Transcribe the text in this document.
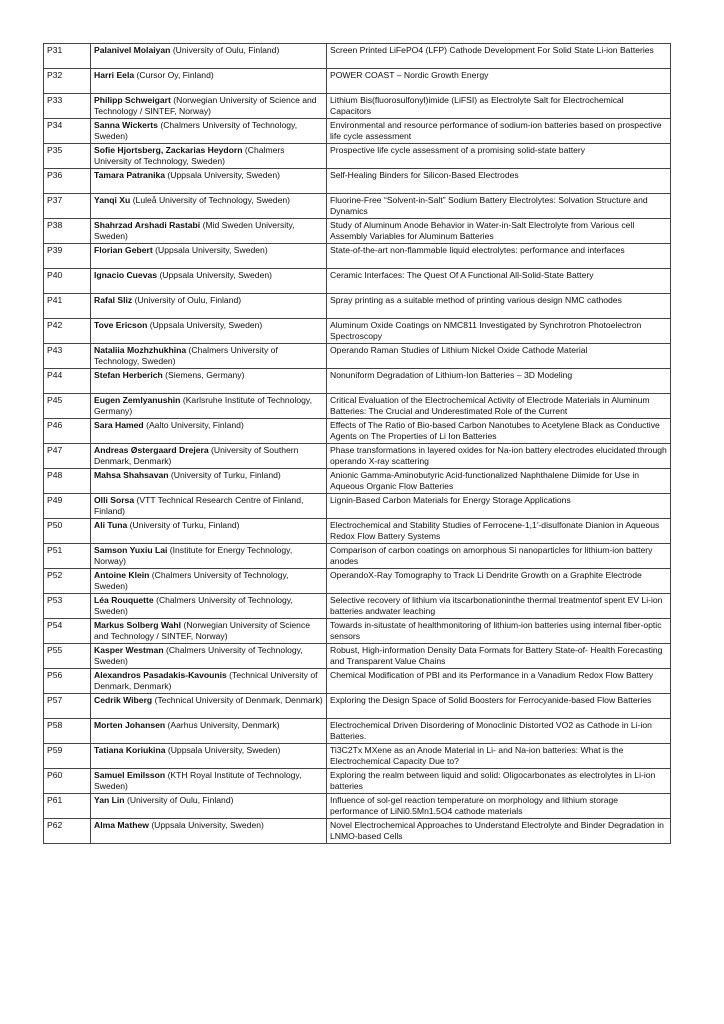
P31	Palanivel Molaiyan (University of Oulu, Finland)	Screen Printed LiFePO4 (LFP) Cathode Development For Solid State Li-ion Batteries
P32	Harri Eela (Cursor Oy, Finland)	POWER COAST – Nordic Growth Energy
P33	Philipp Schweigart (Norwegian University of Science and Technology / SINTEF, Norway)	Lithium Bis(fluorosulfonyl)imide (LiFSI) as Electrolyte Salt for Electrochemical Capacitors
P34	Sanna Wickerts (Chalmers University of Technology, Sweden)	Environmental and resource performance of sodium-ion batteries based on prospective life cycle assessment
P35	Sofie Hjortsberg, Zackarias Heydorn (Chalmers University of Technology, Sweden)	Prospective life cycle assessment of a promising solid-state battery
P36	Tamara Patranika (Uppsala University, Sweden)	Self-Healing Binders for Silicon-Based Electrodes
P37	Yanqi Xu (Luleå University of Technology, Sweden)	Fluorine-Free “Solvent-in-Salt” Sodium Battery Electrolytes: Solvation Structure and Dynamics
P38	Shahrzad Arshadi Rastabi (Mid Sweden University, Sweden)	Study of Aluminum Anode Behavior in Water-in-Salt Electrolyte from Various cell Assembly Variables for Aluminum Batteries
P39	Florian Gebert (Uppsala University, Sweden)	State-of-the-art non-flammable liquid electrolytes: performance and interfaces
P40	Ignacio Cuevas (Uppsala University, Sweden)	Ceramic Interfaces: The Quest Of A Functional All-Solid-State Battery
P41	Rafal Sliz (University of Oulu, Finland)	Spray printing as a suitable method of printing various design NMC cathodes
P42	Tove Ericson (Uppsala University, Sweden)	Aluminum Oxide Coatings on NMC811 Investigated by Synchrotron Photoelectron Spectroscopy
P43	Nataliia Mozhzhukhina (Chalmers University of Technology, Sweden)	Operando Raman Studies of Lithium Nickel Oxide Cathode Material
P44	Stefan Herberich (Siemens, Germany)	Nonuniform Degradation of Lithium-Ion Batteries – 3D Modeling
P45	Eugen Zemlyanushin (Karlsruhe Institute of Technology, Germany)	Critical Evaluation of the Electrochemical Activity of Electrode Materials in Aluminum Batteries: The Crucial and Underestimated Role of the Current
P46	Sara Hamed (Aalto University, Finland)	Effects of The Ratio of Bio-based Carbon Nanotubes to Acetylene Black as Conductive Agents on The Properties of Li Ion Batteries
P47	Andreas Østergaard Drejera (University of Southern Denmark, Denmark)	Phase transformations in layered oxides for Na-ion battery electrodes elucidated through operando X-ray scattering
P48	Mahsa Shahsavan (University of Turku, Finland)	Anionic Gamma-Aminobutyric Acid-functionalized Naphthalene Diimide for Use in Aqueous Organic Flow Batteries
P49	Olli Sorsa (VTT Technical Research Centre of Finland, Finland)	Lignin-Based Carbon Materials for Energy Storage Applications
P50	Ali Tuna (University of Turku, Finland)	Electrochemical and Stability Studies of Ferrocene-1,1′-disulfonate Dianion in Aqueous Redox Flow Battery Systems
P51	Samson Yuxiu Lai (Institute for Energy Technology, Norway)	Comparison of carbon coatings on amorphous Si nanoparticles for lithium-ion battery anodes
P52	Antoine Klein (Chalmers University of Technology, Sweden)	OperandoX-Ray Tomography to Track Li Dendrite Growth on a Graphite Electrode
P53	Léa Rouquette (Chalmers University of Technology, Sweden)	Selective recovery of lithium via itscarbonationinthe thermal treatmentof spent EV Li-ion batteries andwater leaching
P54	Markus Solberg Wahl (Norwegian University of Science and Technology / SINTEF, Norway)	Towards in-situstate of healthmonitoring of lithium-ion batteries using internal fiber-optic sensors
P55	Kasper Westman (Chalmers University of Technology, Sweden)	Robust, High-information Density Data Formats for Battery State-of- Health Forecasting and Transparent Value Chains
P56	Alexandros Pasadakis-Kavounis (Technical University of Denmark, Denmark)	Chemical Modification of PBI and its Performance in a Vanadium Redox Flow Battery
P57	Cedrik Wiberg (Technical University of Denmark, Denmark)	Exploring the Design Space of Solid Boosters for Ferrocyanide-based Flow Batteries
P58	Morten Johansen (Aarhus University, Denmark)	Electrochemical Driven Disordering of Monoclinic Distorted VO2 as Cathode in Li-ion Batteries.
P59	Tatiana Koriukina (Uppsala University, Sweden)	Ti3C2Tx MXene as an Anode Material in Li- and Na-ion batteries: What is the Electrochemical Capacity Due to?
P60	Samuel Emilsson (KTH Royal Institute of Technology, Sweden)	Exploring the realm between liquid and solid: Oligocarbonates as electrolytes in Li-ion batteries
P61	Yan Lin (University of Oulu, Finland)	Influence of sol-gel reaction temperature on morphology and lithium storage performance of LiNi0.5Mn1.5O4 cathode materials
P62	Alma Mathew (Uppsala University, Sweden)	Novel Electrochemical Approaches to Understand Electrolyte and Binder Degradation in LNMO-based Cells
